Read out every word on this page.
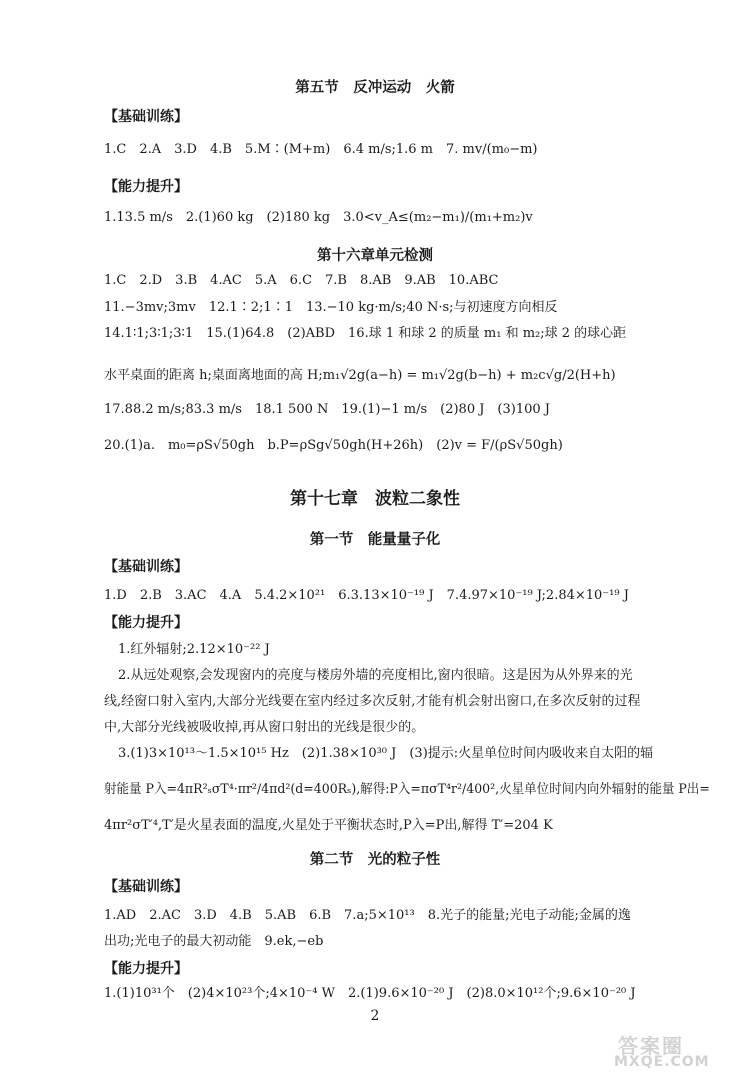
第五节　反冲运动　火箭
【基础训练】
1.C　2.A　3.D　4.B　5.M∶(M+m)　6.4 m/s;1.6 m　7. mv/(m₀−m)
【能力提升】
1.13.5 m/s　2.(1)60 kg　(2)180 kg　3.0<v_A≤(m₂−m₁)/(m₁+m₂)v
第十六章单元检测
1.C　2.D　3.B　4.AC　5.A　6.C　7.B　8.AB　9.AB　10.ABC
11.−3mv;3mv　12.1∶2;1∶1　13.−10 kg·m/s;40 N·s;与初速度方向相反
14.1∶1;3∶1;3∶1　15.(1)64.8　(2)ABD　16.球 1 和球 2 的质量 m₁ 和 m₂;球 2 的球心距
水平桌面的距离 h;桌面离地面的高 H;m₁√2g(a−h) = m₁√2g(b−h) + m₂c√g/2(H+h)
17.88.2 m/s;83.3 m/s　18.1 500 N　19.(1)−1 m/s　(2)80 J　(3)100 J
20.(1)a.　m₀=ρS√50gh　b.P=ρSg√50gh(H+26h)　(2)v = F/(ρS√50gh)
第十七章　波粒二象性
第一节　能量量子化
【基础训练】
1.D　2.B　3.AC　4.A　5.4.2×10²¹　6.3.13×10⁻¹⁹ J　7.4.97×10⁻¹⁹ J;2.84×10⁻¹⁹ J
【能力提升】
1.红外辐射;2.12×10⁻²² J
2.从远处观察,会发现窗内的亮度与楼房外墙的亮度相比,窗内很暗。这是因为从外界来的光
线,经窗口射入室内,大部分光线要在室内经过多次反射,才能有机会射出窗口,在多次反射的过程
中,大部分光线被吸收掉,再从窗口射出的光线是很少的。
3.(1)3×10¹³～1.5×10¹⁵ Hz　(2)1.38×10³⁰ J　(3)提示:火星单位时间内吸收来自太阳的辐
射能量 P入=4πR²ₛσT⁴·πr²/4πd²(d=400Rₛ),解得:P入=πσT⁴r²/400²,火星单位时间内向外辐射的能量 P出=
4πr²σT′⁴,T′是火星表面的温度,火星处于平衡状态时,P入=P出,解得 T′=204 K
第二节　光的粒子性
【基础训练】
1.AD　2.AC　3.D　4.B　5.AB　6.B　7.a;5×10¹³　8.光子的能量;光电子动能;金属的逸
出功;光电子的最大初动能　9.ek,−eb
【能力提升】
1.(1)10³¹个　(2)4×10²³个;4×10⁻⁴ W　2.(1)9.6×10⁻²⁰ J　(2)8.0×10¹²个;9.6×10⁻²⁰ J
2
答案圈
MXQE.COM
